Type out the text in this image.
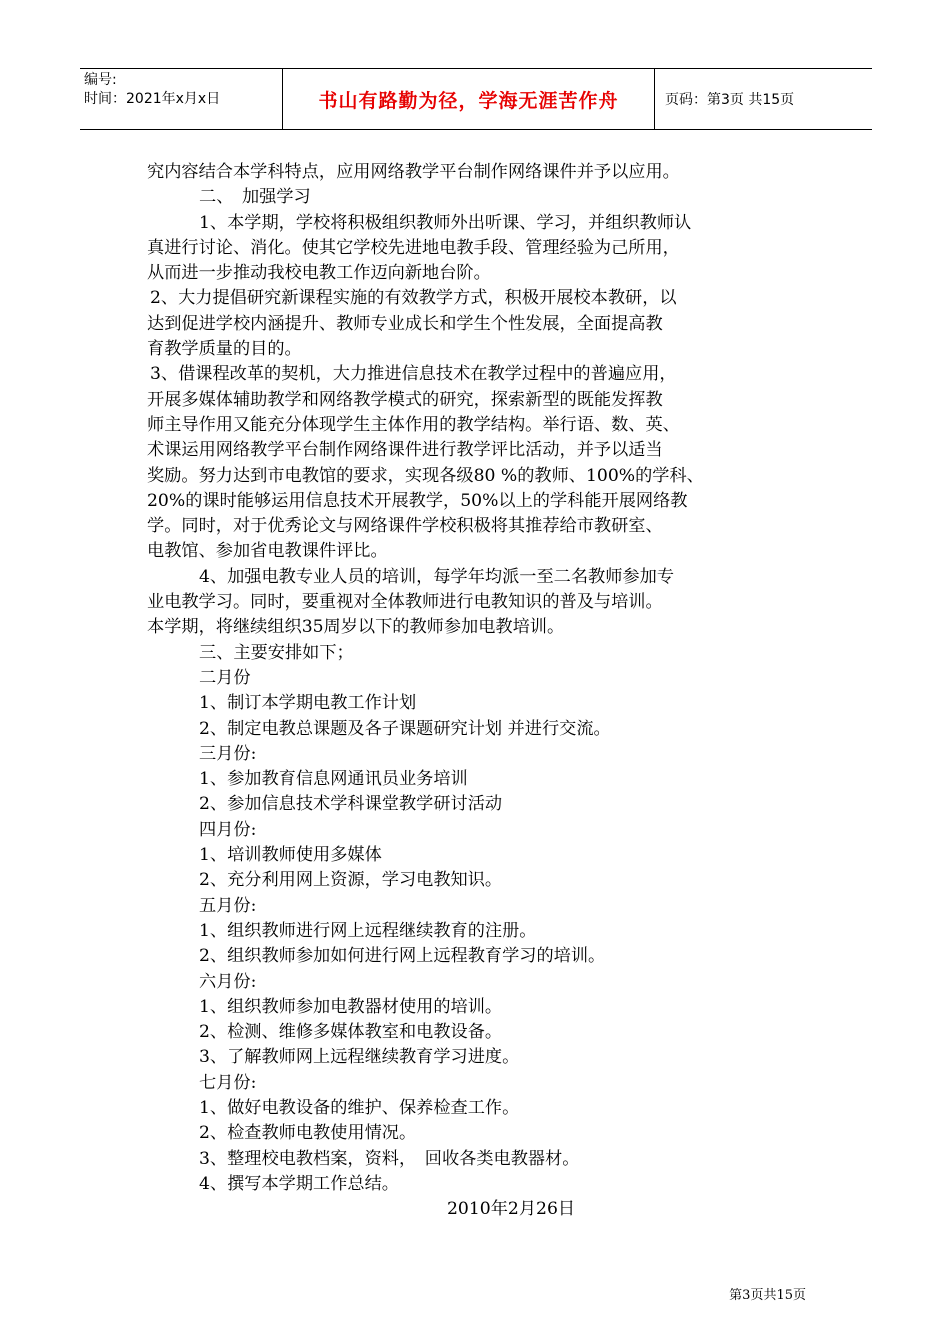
编号:
时间：2021年x月x日	书山有路勤为径，学海无涯苦作舟	页码：第3页 共15页

究内容结合本学科特点，应用网络教学平台制作网络课件并予以应用。

二、　加强学习

1、本学期，学校将积极组织教师外出听课、学习，并组织教师认

真进行讨论、消化。使其它学校先进地电教手段、管理经验为己所用，

从而进一步推动我校电教工作迈向新地台阶。

2、大力提倡研究新课程实施的有效教学方式，积极开展校本教研，以

达到促进学校内涵提升、教师专业成长和学生个性发展，全面提高教

育教学质量的目的。

3、借课程改革的契机，大力推进信息技术在教学过程中的普遍应用，

开展多媒体辅助教学和网络教学模式的研究，探索新型的既能发挥教

师主导作用又能充分体现学生主体作用的教学结构。举行语、数、英、

术课运用网络教学平台制作网络课件进行教学评比活动，并予以适当

奖励。努力达到市电教馆的要求，实现各级80 %的教师、100%的学科、

20%的课时能够运用信息技术开展教学，50%以上的学科能开展网络教

学。同时，对于优秀论文与网络课件学校积极将其推荐给市教研室、

电教馆、参加省电教课件评比。

4、加强电教专业人员的培训，每学年均派一至二名教师参加专

业电教学习。同时，要重视对全体教师进行电教知识的普及与培训。

本学期，将继续组织35周岁以下的教师参加电教培训。

三、主要安排如下；

二月份

1、制订本学期电教工作计划

2、制定电教总课题及各子课题研究计划 并进行交流。

三月份:

1、参加教育信息网通讯员业务培训

2、参加信息技术学科课堂教学研讨活动

四月份:

1、培训教师使用多媒体

2、充分利用网上资源，学习电教知识。

五月份:

1、组织教师进行网上远程继续教育的注册。

2、组织教师参加如何进行网上远程教育学习的培训。

六月份:

1、组织教师参加电教器材使用的培训。

2、检测、维修多媒体教室和电教设备。

3、了解教师网上远程继续教育学习进度。

七月份:

1、做好电教设备的维护、保养检查工作。

2、检查教师电教使用情况。

3、整理校电教档案，资料，　回收各类电教器材。

4、撰写本学期工作总结。

2010年2月26日

第3页共15页
